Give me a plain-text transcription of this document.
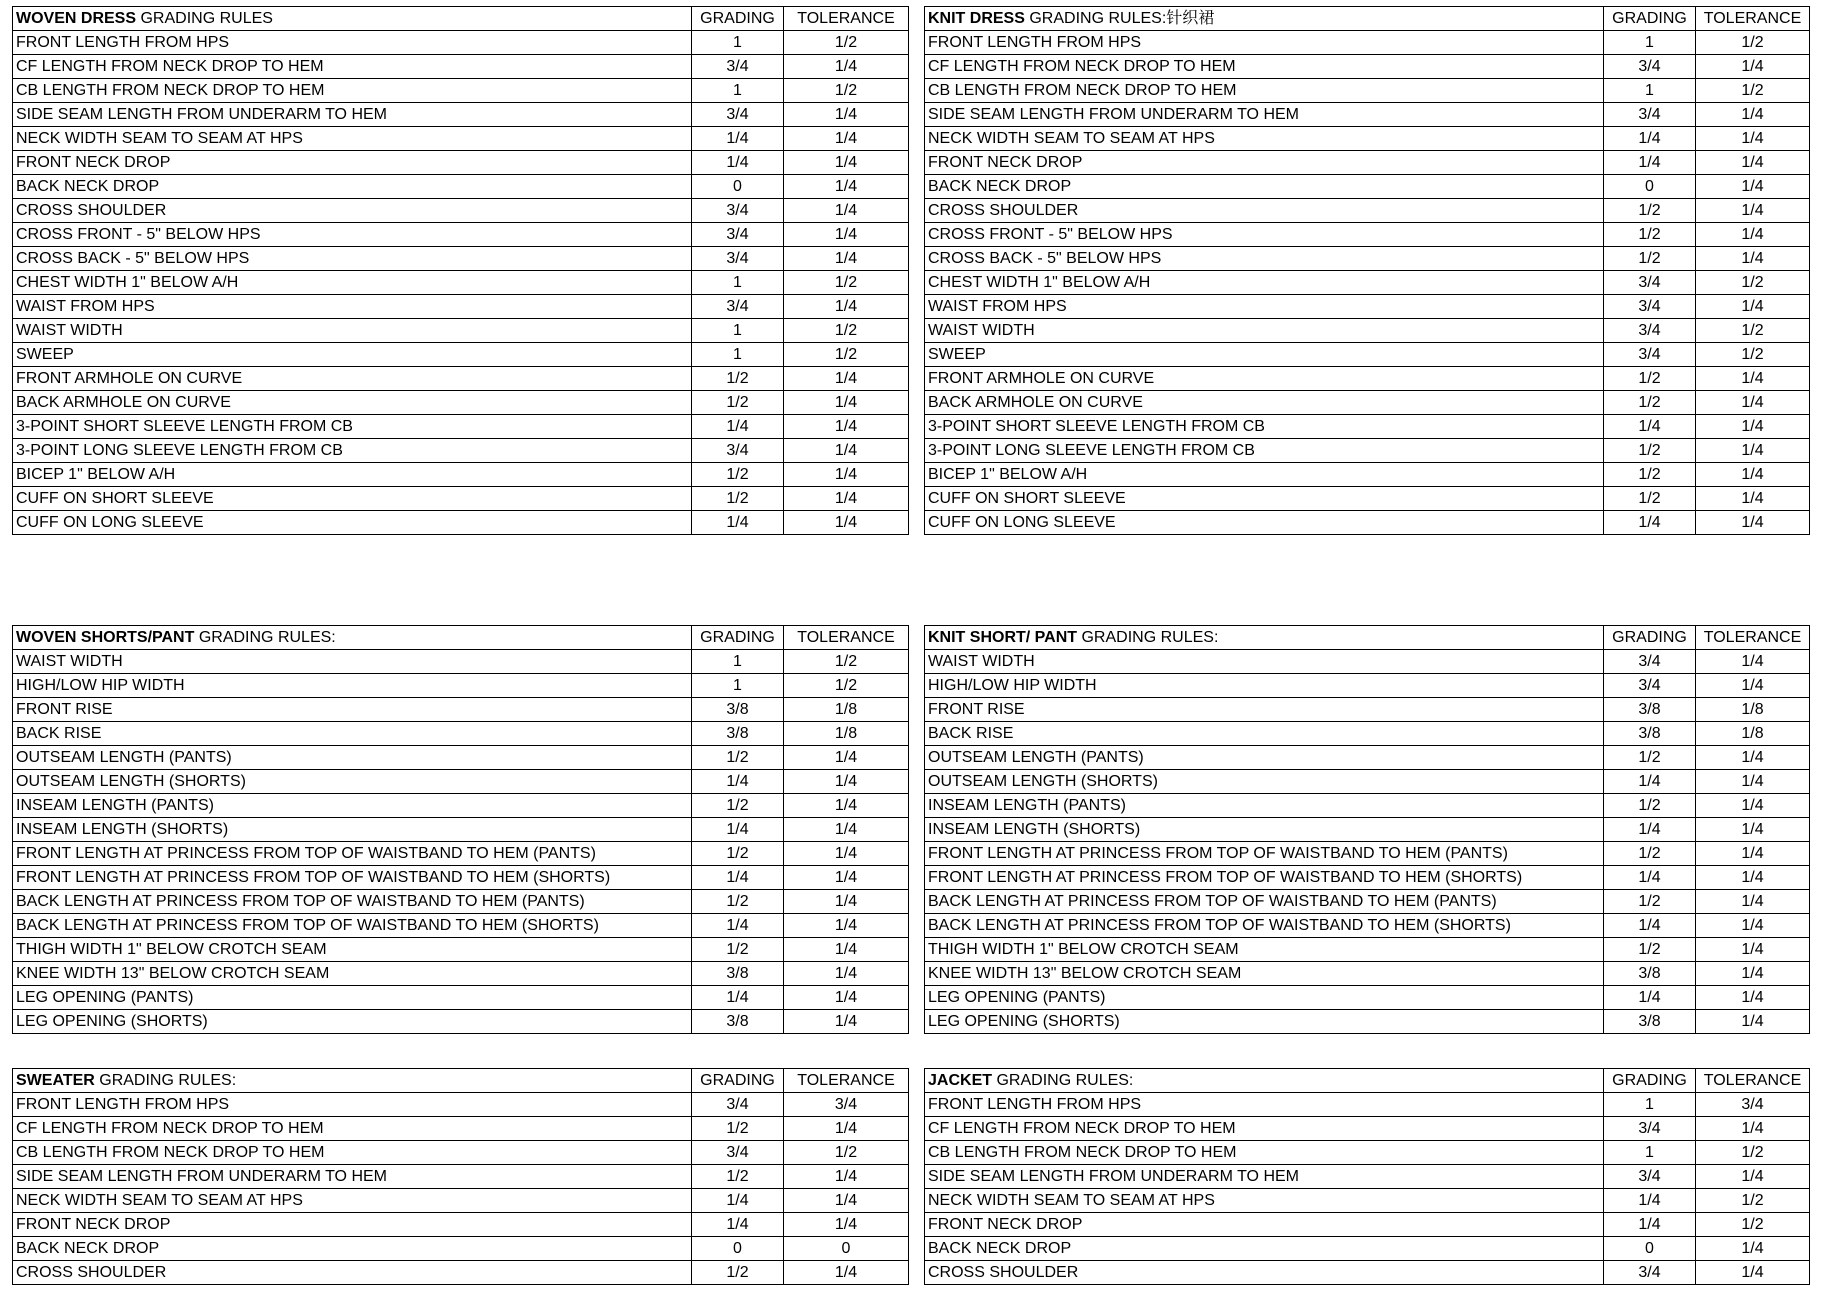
WOVEN DRESS GRADING RULES	GRADING	TOLERANCE
FRONT LENGTH FROM HPS	1	1/2
CF LENGTH FROM NECK DROP TO HEM	3/4	1/4
CB LENGTH FROM NECK DROP TO HEM	1	1/2
SIDE SEAM LENGTH FROM UNDERARM TO HEM	3/4	1/4
NECK WIDTH SEAM TO SEAM AT HPS	1/4	1/4
FRONT NECK DROP	1/4	1/4
BACK NECK DROP	0	1/4
CROSS SHOULDER	3/4	1/4
CROSS FRONT - 5" BELOW HPS	3/4	1/4
CROSS BACK - 5" BELOW HPS	3/4	1/4
CHEST WIDTH 1" BELOW A/H	1	1/2
WAIST FROM HPS	3/4	1/4
WAIST WIDTH	1	1/2
SWEEP	1	1/2
FRONT ARMHOLE ON CURVE	1/2	1/4
BACK ARMHOLE ON CURVE	1/2	1/4
3-POINT SHORT SLEEVE LENGTH FROM CB	1/4	1/4
3-POINT LONG SLEEVE LENGTH FROM CB	3/4	1/4
BICEP 1" BELOW A/H	1/2	1/4
CUFF ON SHORT SLEEVE	1/2	1/4
CUFF ON LONG SLEEVE	1/4	1/4
KNIT DRESS GRADING RULES:针织裙	GRADING	TOLERANCE
FRONT LENGTH FROM HPS	1	1/2
CF LENGTH FROM NECK DROP TO HEM	3/4	1/4
CB LENGTH FROM NECK DROP TO HEM	1	1/2
SIDE SEAM LENGTH FROM UNDERARM TO HEM	3/4	1/4
NECK WIDTH SEAM TO SEAM AT HPS	1/4	1/4
FRONT NECK DROP	1/4	1/4
BACK NECK DROP	0	1/4
CROSS SHOULDER	1/2	1/4
CROSS FRONT - 5" BELOW HPS	1/2	1/4
CROSS BACK - 5" BELOW HPS	1/2	1/4
CHEST WIDTH 1" BELOW A/H	3/4	1/2
WAIST FROM HPS	3/4	1/4
WAIST WIDTH	3/4	1/2
SWEEP	3/4	1/2
FRONT ARMHOLE ON CURVE	1/2	1/4
BACK ARMHOLE ON CURVE	1/2	1/4
3-POINT SHORT SLEEVE LENGTH FROM CB	1/4	1/4
3-POINT LONG SLEEVE LENGTH FROM CB	1/2	1/4
BICEP 1" BELOW A/H	1/2	1/4
CUFF ON SHORT SLEEVE	1/2	1/4
CUFF ON LONG SLEEVE	1/4	1/4
WOVEN SHORTS/PANT GRADING RULES:	GRADING	TOLERANCE
WAIST WIDTH	1	1/2
HIGH/LOW HIP WIDTH	1	1/2
FRONT RISE	3/8	1/8
BACK RISE	3/8	1/8
OUTSEAM LENGTH (PANTS)	1/2	1/4
OUTSEAM LENGTH (SHORTS)	1/4	1/4
INSEAM LENGTH (PANTS)	1/2	1/4
INSEAM LENGTH (SHORTS)	1/4	1/4
FRONT LENGTH AT PRINCESS FROM TOP OF WAISTBAND TO HEM (PANTS)	1/2	1/4
FRONT LENGTH AT PRINCESS FROM TOP OF WAISTBAND TO HEM (SHORTS)	1/4	1/4
BACK LENGTH AT PRINCESS FROM TOP OF WAISTBAND TO HEM (PANTS)	1/2	1/4
BACK LENGTH AT PRINCESS FROM TOP OF WAISTBAND TO HEM (SHORTS)	1/4	1/4
THIGH WIDTH 1" BELOW CROTCH SEAM	1/2	1/4
KNEE WIDTH 13" BELOW CROTCH SEAM	3/8	1/4
LEG OPENING (PANTS)	1/4	1/4
LEG OPENING (SHORTS)	3/8	1/4
KNIT SHORT/ PANT GRADING RULES:	GRADING	TOLERANCE
WAIST WIDTH	3/4	1/4
HIGH/LOW HIP WIDTH	3/4	1/4
FRONT RISE	3/8	1/8
BACK RISE	3/8	1/8
OUTSEAM LENGTH (PANTS)	1/2	1/4
OUTSEAM LENGTH (SHORTS)	1/4	1/4
INSEAM LENGTH (PANTS)	1/2	1/4
INSEAM LENGTH (SHORTS)	1/4	1/4
FRONT LENGTH AT PRINCESS FROM TOP OF WAISTBAND TO HEM (PANTS)	1/2	1/4
FRONT LENGTH AT PRINCESS FROM TOP OF WAISTBAND TO HEM (SHORTS)	1/4	1/4
BACK LENGTH AT PRINCESS FROM TOP OF WAISTBAND TO HEM (PANTS)	1/2	1/4
BACK LENGTH AT PRINCESS FROM TOP OF WAISTBAND TO HEM (SHORTS)	1/4	1/4
THIGH WIDTH 1" BELOW CROTCH SEAM	1/2	1/4
KNEE WIDTH 13" BELOW CROTCH SEAM	3/8	1/4
LEG OPENING (PANTS)	1/4	1/4
LEG OPENING (SHORTS)	3/8	1/4
SWEATER GRADING RULES:	GRADING	TOLERANCE
FRONT LENGTH FROM HPS	3/4	3/4
CF LENGTH FROM NECK DROP TO HEM	1/2	1/4
CB LENGTH FROM NECK DROP TO HEM	3/4	1/2
SIDE SEAM LENGTH FROM UNDERARM TO HEM	1/2	1/4
NECK WIDTH SEAM TO SEAM AT HPS	1/4	1/4
FRONT NECK DROP	1/4	1/4
BACK NECK DROP	0	0
CROSS SHOULDER	1/2	1/4
JACKET GRADING RULES:	GRADING	TOLERANCE
FRONT LENGTH FROM HPS	1	3/4
CF LENGTH FROM NECK DROP TO HEM	3/4	1/4
CB LENGTH FROM NECK DROP TO HEM	1	1/2
SIDE SEAM LENGTH FROM UNDERARM TO HEM	3/4	1/4
NECK WIDTH SEAM TO SEAM AT HPS	1/4	1/2
FRONT NECK DROP	1/4	1/2
BACK NECK DROP	0	1/4
CROSS SHOULDER	3/4	1/4
